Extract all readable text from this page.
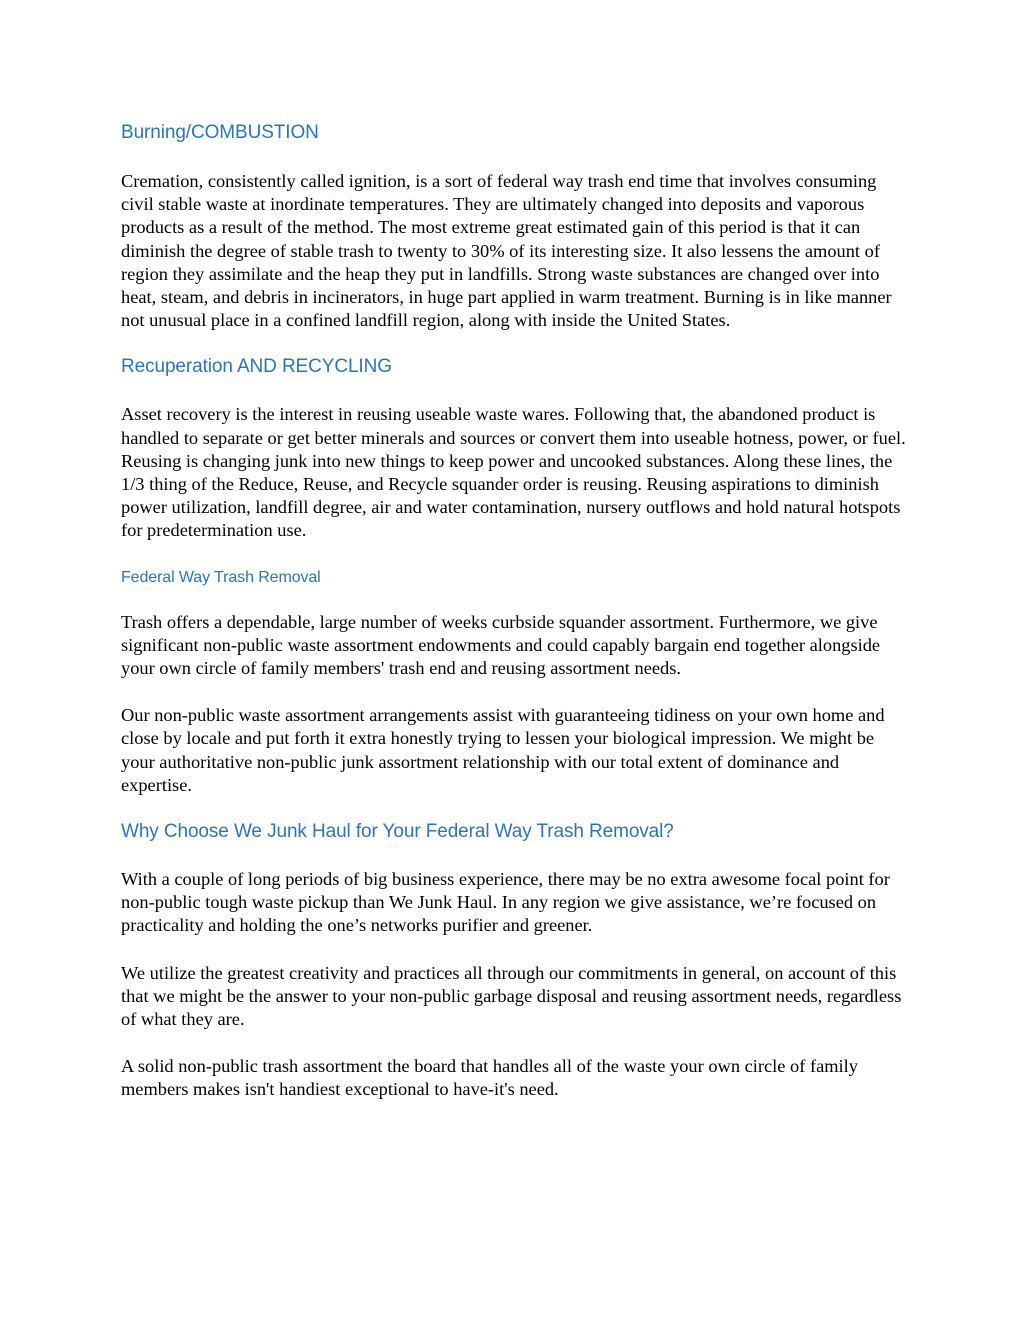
Burning/COMBUSTION

Cremation, consistently called ignition, is a sort of federal way trash end time that involves consuming civil stable waste at inordinate temperatures. They are ultimately changed into deposits and vaporous products as a result of the method. The most extreme great estimated gain of this period is that it can diminish the degree of stable trash to twenty to 30% of its interesting size. It also lessens the amount of region they assimilate and the heap they put in landfills. Strong waste substances are changed over into heat, steam, and debris in incinerators, in huge part applied in warm treatment. Burning is in like manner not unusual place in a confined landfill region, along with inside the United States.

Recuperation AND RECYCLING

Asset recovery is the interest in reusing useable waste wares. Following that, the abandoned product is handled to separate or get better minerals and sources or convert them into useable hotness, power, or fuel. Reusing is changing junk into new things to keep power and uncooked substances. Along these lines, the 1/3 thing of the Reduce, Reuse, and Recycle squander order is reusing. Reusing aspirations to diminish power utilization, landfill degree, air and water contamination, nursery outflows and hold natural hotspots for predetermination use.

Federal Way Trash Removal

Trash offers a dependable, large number of weeks curbside squander assortment. Furthermore, we give significant non-public waste assortment endowments and could capably bargain end together alongside your own circle of family members' trash end and reusing assortment needs.

Our non-public waste assortment arrangements assist with guaranteeing tidiness on your own home and close by locale and put forth it extra honestly trying to lessen your biological impression. We might be your authoritative non-public junk assortment relationship with our total extent of dominance and expertise.

Why Choose We Junk Haul for Your Federal Way Trash Removal?

With a couple of long periods of big business experience, there may be no extra awesome focal point for non-public tough waste pickup than We Junk Haul. In any region we give assistance, we’re focused on practicality and holding the one’s networks purifier and greener.

We utilize the greatest creativity and practices all through our commitments in general, on account of this that we might be the answer to your non-public garbage disposal and reusing assortment needs, regardless of what they are.

A solid non-public trash assortment the board that handles all of the waste your own circle of family members makes isn't handiest exceptional to have-it's need.
